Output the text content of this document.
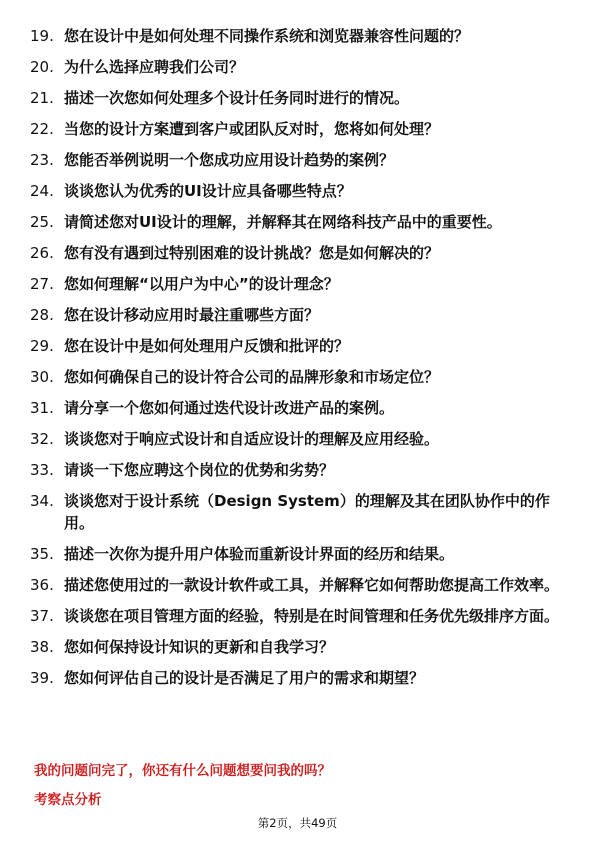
19. 您在设计中是如何处理不同操作系统和浏览器兼容性问题的？
20. 为什么选择应聘我们公司？
21. 描述一次您如何处理多个设计任务同时进行的情况。
22. 当您的设计方案遭到客户或团队反对时，您将如何处理？
23. 您能否举例说明一个您成功应用设计趋势的案例？
24. 谈谈您认为优秀的UI设计应具备哪些特点？
25. 请简述您对UI设计的理解，并解释其在网络科技产品中的重要性。
26. 您有没有遇到过特别困难的设计挑战？您是如何解决的？
27. 您如何理解“以用户为中心”的设计理念？
28. 您在设计移动应用时最注重哪些方面？
29. 您在设计中是如何处理用户反馈和批评的？
30. 您如何确保自己的设计符合公司的品牌形象和市场定位？
31. 请分享一个您如何通过迭代设计改进产品的案例。
32. 谈谈您对于响应式设计和自适应设计的理解及应用经验。
33. 请谈一下您应聘这个岗位的优势和劣势？
34. 谈谈您对于设计系统（Design System）的理解及其在团队协作中的作用。
35. 描述一次你为提升用户体验而重新设计界面的经历和结果。
36. 描述您使用过的一款设计软件或工具，并解释它如何帮助您提高工作效率。
37. 谈谈您在项目管理方面的经验，特别是在时间管理和任务优先级排序方面。
38. 您如何保持设计知识的更新和自我学习？
39. 您如何评估自己的设计是否满足了用户的需求和期望？

我的问题问完了，你还有什么问题想要问我的吗？

考察点分析

第2页，共49页
